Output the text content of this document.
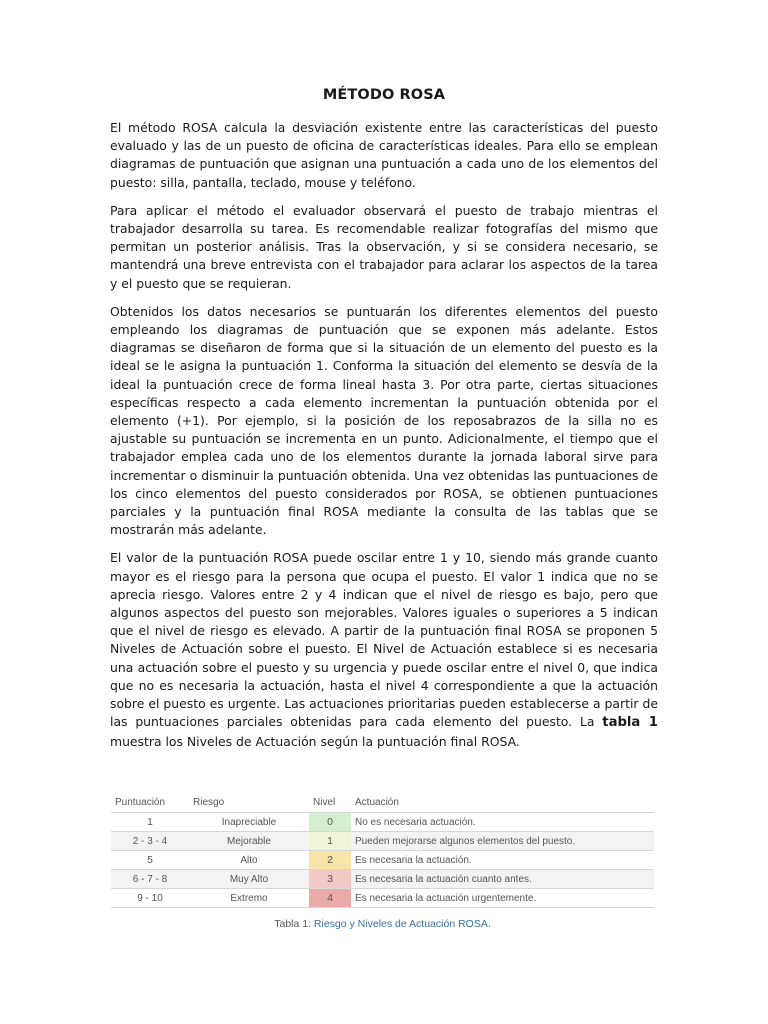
MÉTODO ROSA

El método ROSA calcula la desviación existente entre las características del puesto evaluado y las de un puesto de oficina de características ideales. Para ello se emplean diagramas de puntuación que asignan una puntuación a cada uno de los elementos del puesto: silla, pantalla, teclado, mouse y teléfono.

Para aplicar el método el evaluador observará el puesto de trabajo mientras el trabajador desarrolla su tarea. Es recomendable realizar fotografías del mismo que permitan un posterior análisis. Tras la observación, y si se considera necesario, se mantendrá una breve entrevista con el trabajador para aclarar los aspectos de la tarea y el puesto que se requieran.

Obtenidos los datos necesarios se puntuarán los diferentes elementos del puesto empleando los diagramas de puntuación que se exponen más adelante. Estos diagramas se diseñaron de forma que si la situación de un elemento del puesto es la ideal se le asigna la puntuación 1. Conforma la situación del elemento se desvía de la ideal la puntuación crece de forma lineal hasta 3. Por otra parte, ciertas situaciones específicas respecto a cada elemento incrementan la puntuación obtenida por el elemento (+1). Por ejemplo, si la posición de los reposabrazos de la silla no es ajustable su puntuación se incrementa en un punto. Adicionalmente, el tiempo que el trabajador emplea cada uno de los elementos durante la jornada laboral sirve para incrementar o disminuir la puntuación obtenida. Una vez obtenidas las puntuaciones de los cinco elementos del puesto considerados por ROSA, se obtienen puntuaciones parciales y la puntuación final ROSA mediante la consulta de las tablas que se mostrarán más adelante.

El valor de la puntuación ROSA puede oscilar entre 1 y 10, siendo más grande cuanto mayor es el riesgo para la persona que ocupa el puesto. El valor 1 indica que no se aprecia riesgo. Valores entre 2 y 4 indican que el nivel de riesgo es bajo, pero que algunos aspectos del puesto son mejorables. Valores iguales o superiores a 5 indican que el nivel de riesgo es elevado. A partir de la puntuación final ROSA se proponen 5 Niveles de Actuación sobre el puesto. El Nivel de Actuación establece si es necesaria una actuación sobre el puesto y su urgencia y puede oscilar entre el nivel 0, que indica que no es necesaria la actuación, hasta el nivel 4 correspondiente a que la actuación sobre el puesto es urgente. Las actuaciones prioritarias pueden establecerse a partir de las puntuaciones parciales obtenidas para cada elemento del puesto. La tabla 1 muestra los Niveles de Actuación según la puntuación final ROSA.

Puntuación	Riesgo	Nivel	Actuación
1	Inapreciable	0	No es necesaria actuación.
2 - 3 - 4	Mejorable	1	Pueden mejorarse algunos elementos del puesto.
5	Alto	2	Es necesaria la actuación.
6 - 7 - 8	Muy Alto	3	Es necesaria la actuación cuanto antes.
9 - 10	Extremo	4	Es necesaria la actuación urgentemente.
Tabla 1: Riesgo y Niveles de Actuación ROSA.
